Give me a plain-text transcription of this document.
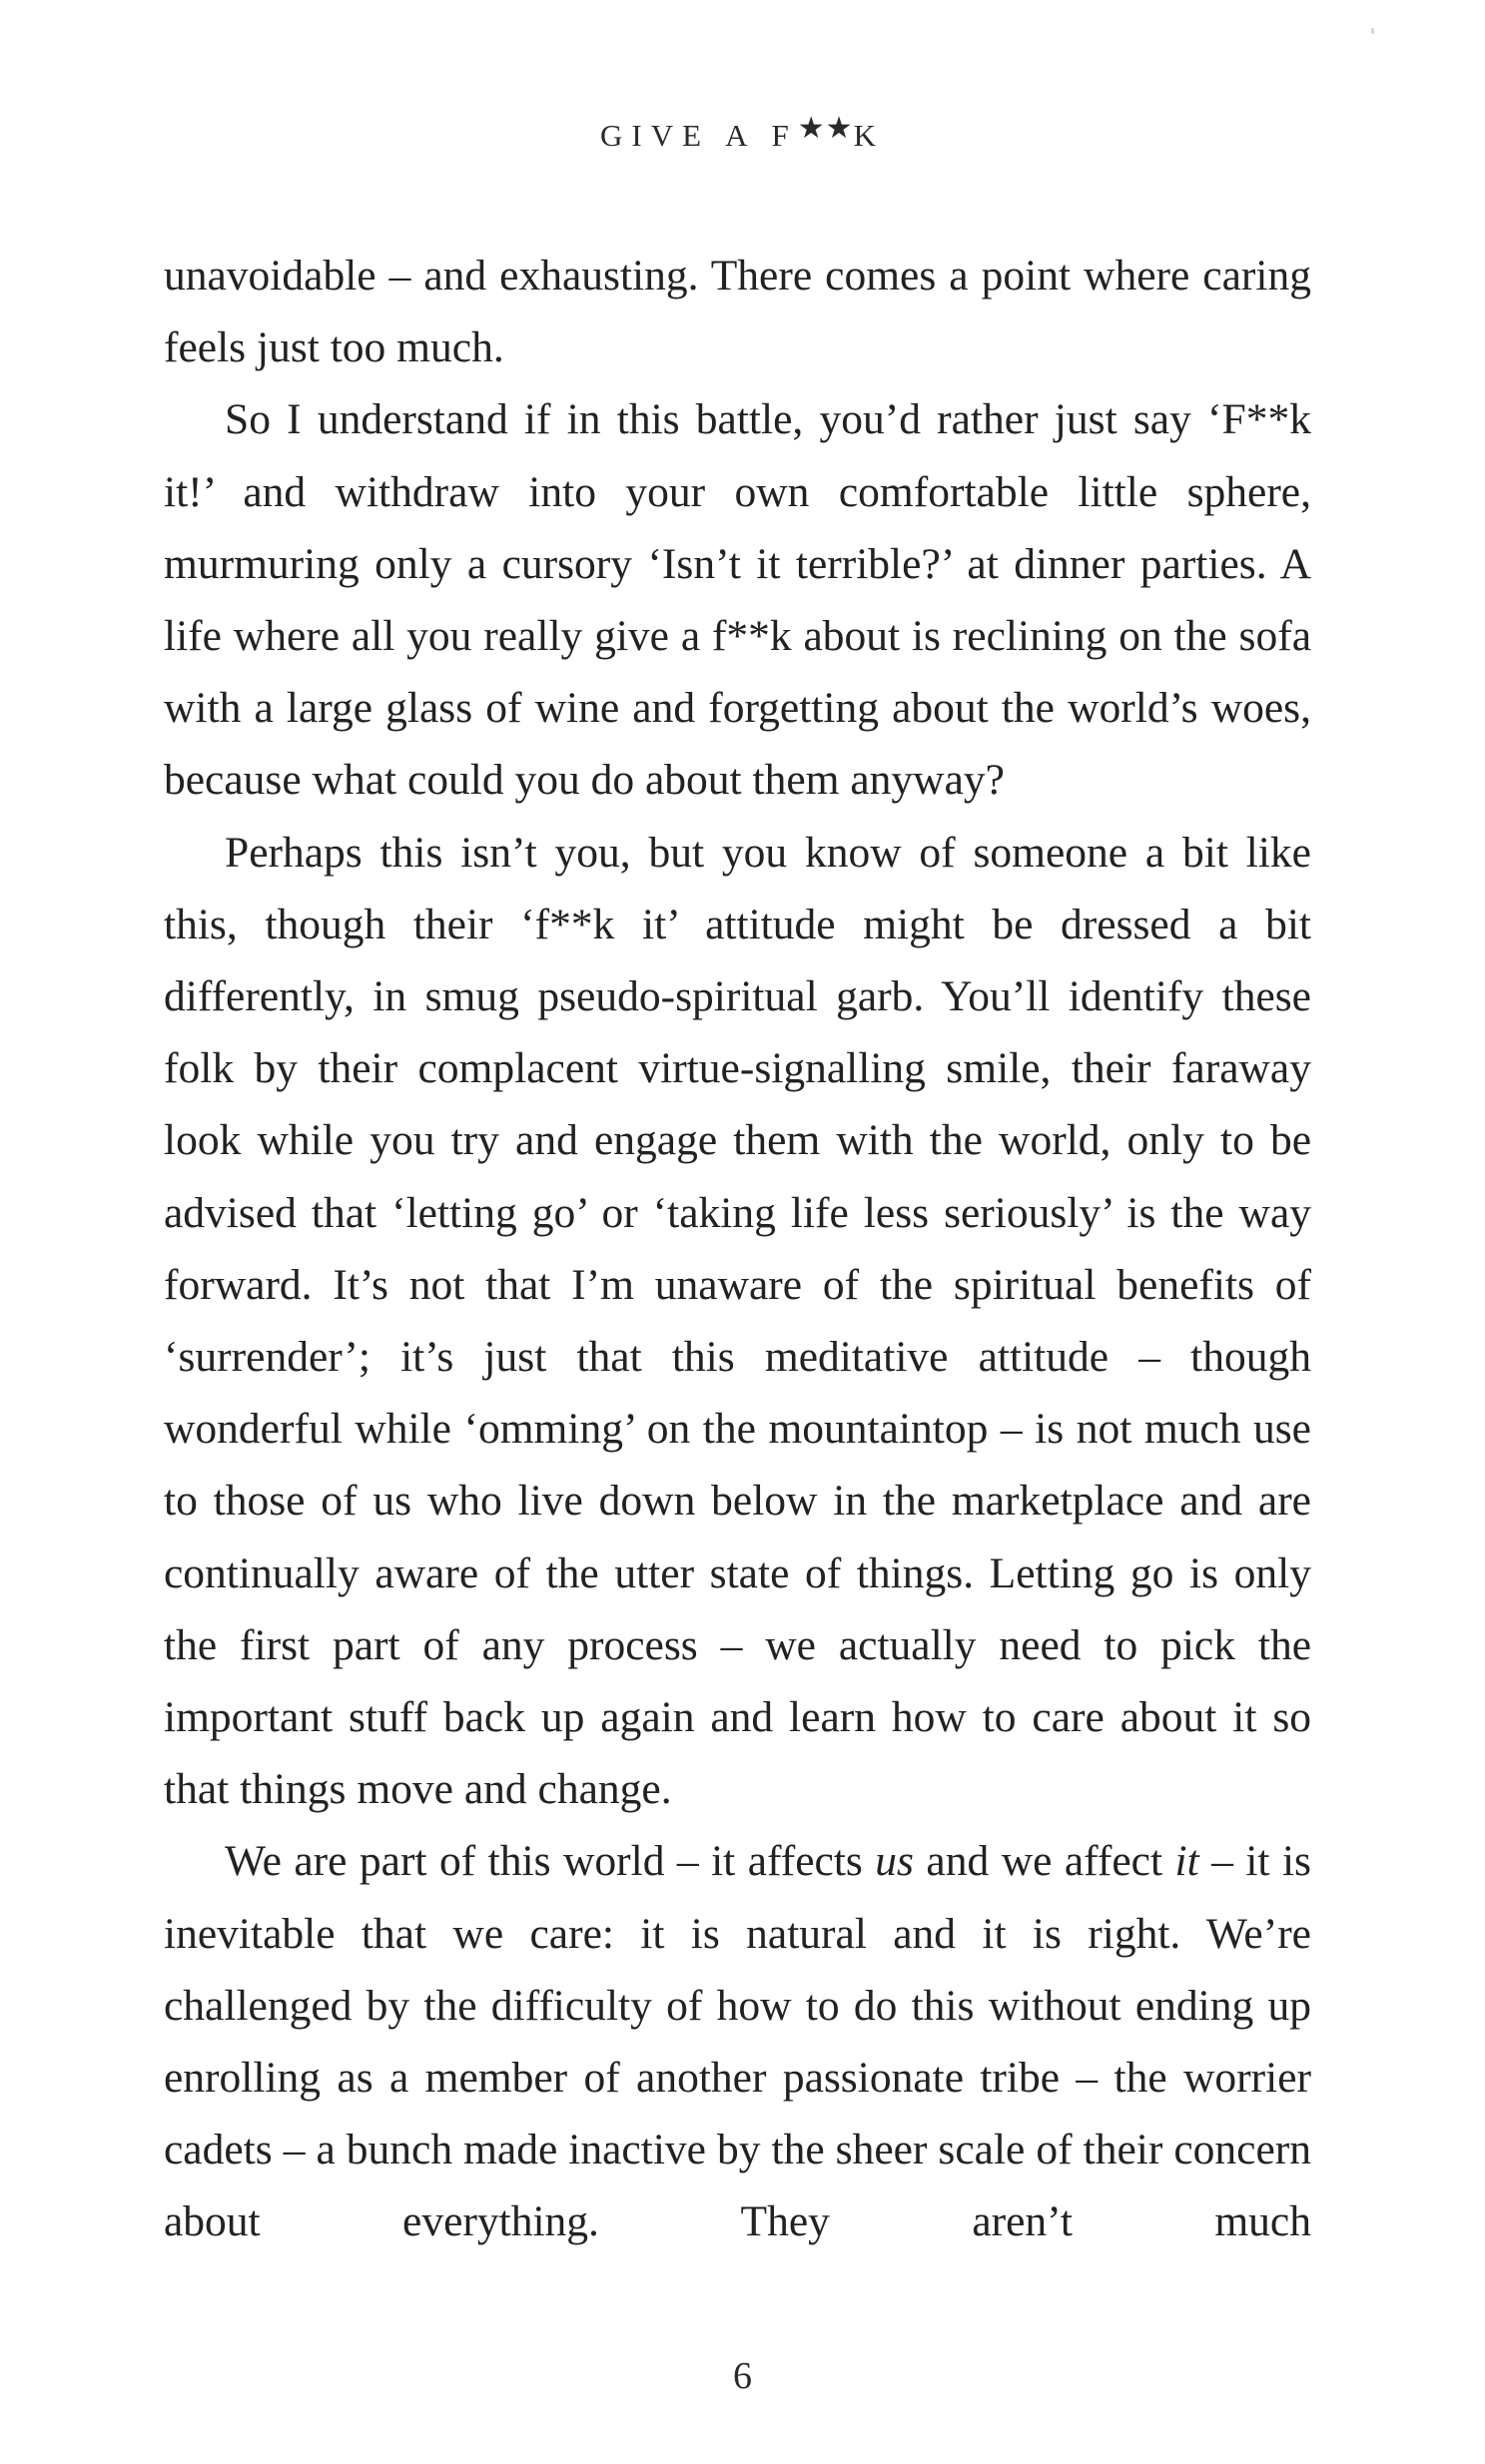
GIVE A F★★K

unavoidable – and exhausting. There comes a point where caring feels just too much.

So I understand if in this battle, you’d rather just say ‘F**k it!’ and withdraw into your own comfortable little sphere, murmuring only a cursory ‘Isn’t it terrible?’ at dinner parties. A life where all you really give a f**k about is reclining on the sofa with a large glass of wine and forgetting about the world’s woes, because what could you do about them anyway?

Perhaps this isn’t you, but you know of someone a bit like this, though their ‘f**k it’ attitude might be dressed a bit differently, in smug pseudo-spiritual garb. You’ll identify these folk by their complacent virtue-signalling smile, their faraway look while you try and engage them with the world, only to be advised that ‘letting go’ or ‘taking life less seriously’ is the way forward. It’s not that I’m unaware of the spiritual benefits of ‘surrender’; it’s just that this meditative attitude – though wonderful while ‘omming’ on the mountaintop – is not much use to those of us who live down below in the marketplace and are continually aware of the utter state of things. Letting go is only the first part of any process – we actually need to pick the important stuff back up again and learn how to care about it so that things move and change.

We are part of this world – it affects us and we affect it – it is inevitable that we care: it is natural and it is right. We’re challenged by the difficulty of how to do this without ending up enrolling as a member of another passionate tribe – the worrier cadets – a bunch made inactive by the sheer scale of their concern about everything. They aren’t much

6
